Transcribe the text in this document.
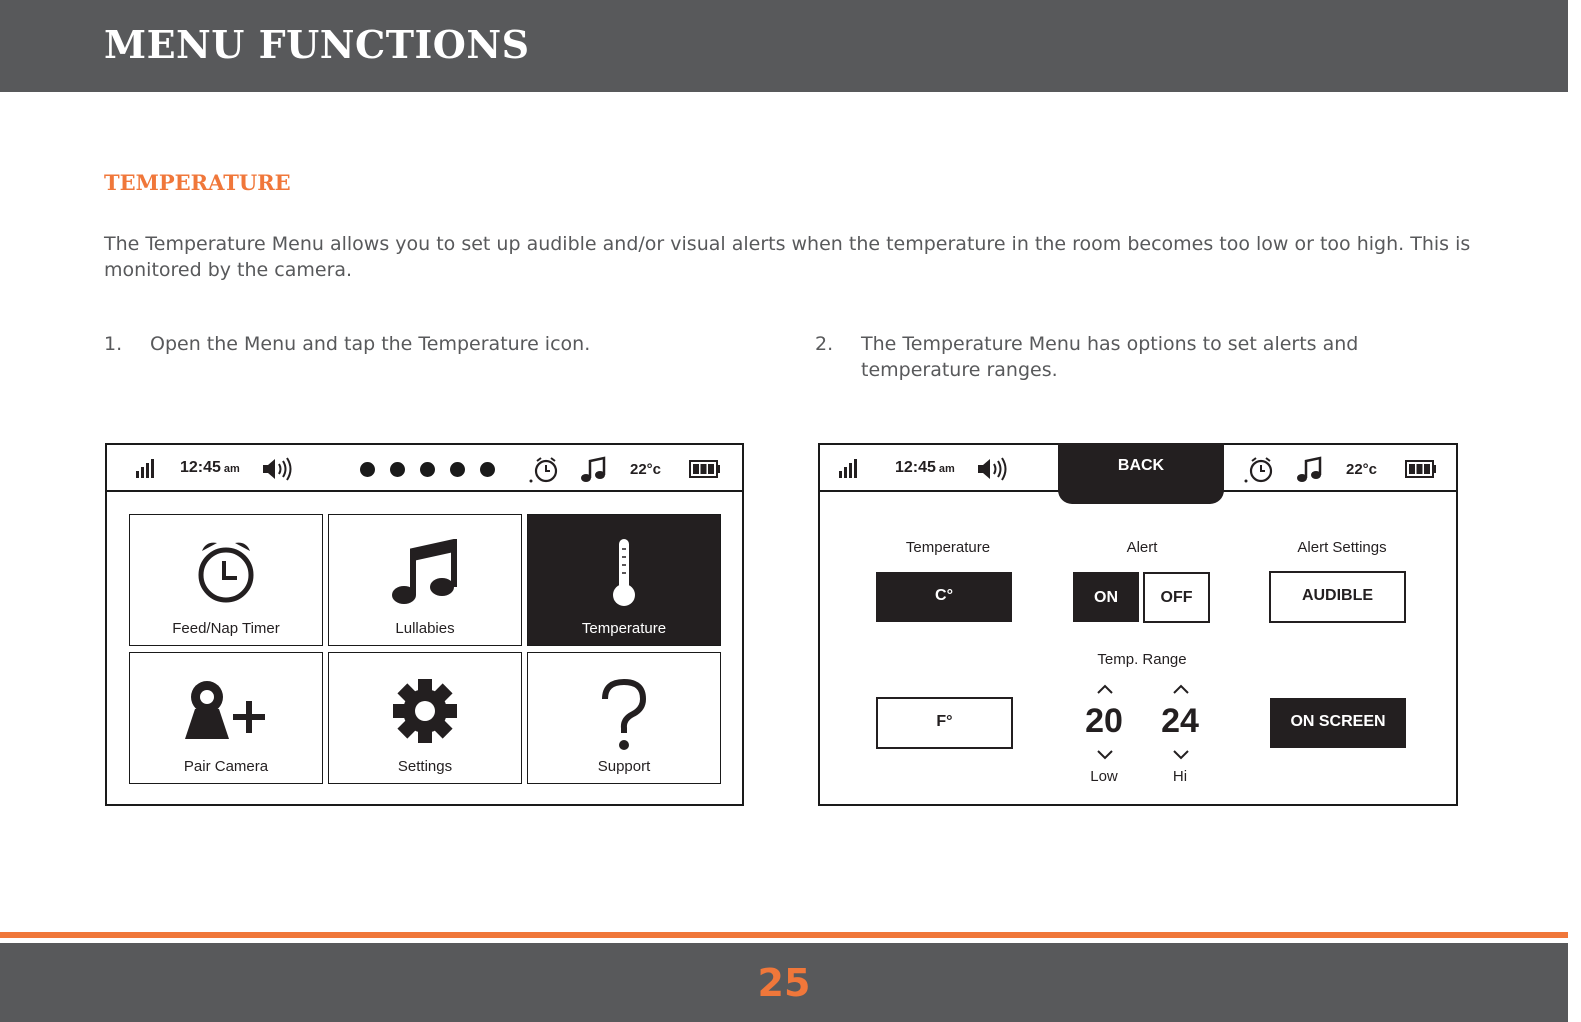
MENU FUNCTIONS
TEMPERATURE

The Temperature Menu allows you to set up audible and/or visual alerts when the temperature in the room becomes too low or too high. This is monitored by the camera.

1. Open the Menu and tap the Temperature icon.	2. The Temperature Menu has options to set alerts and temperature ranges.
12:45 am	22°c
Feed/Nap Timer	Lullabies	Temperature
Pair Camera	Settings	Support
12:45 am	BACK	22°c
Temperature	Alert	Alert Settings
C°
F°
ON	OFF	AUDIBLE
ON SCREEN
Temp. Range
20	24
Low	Hi
25
